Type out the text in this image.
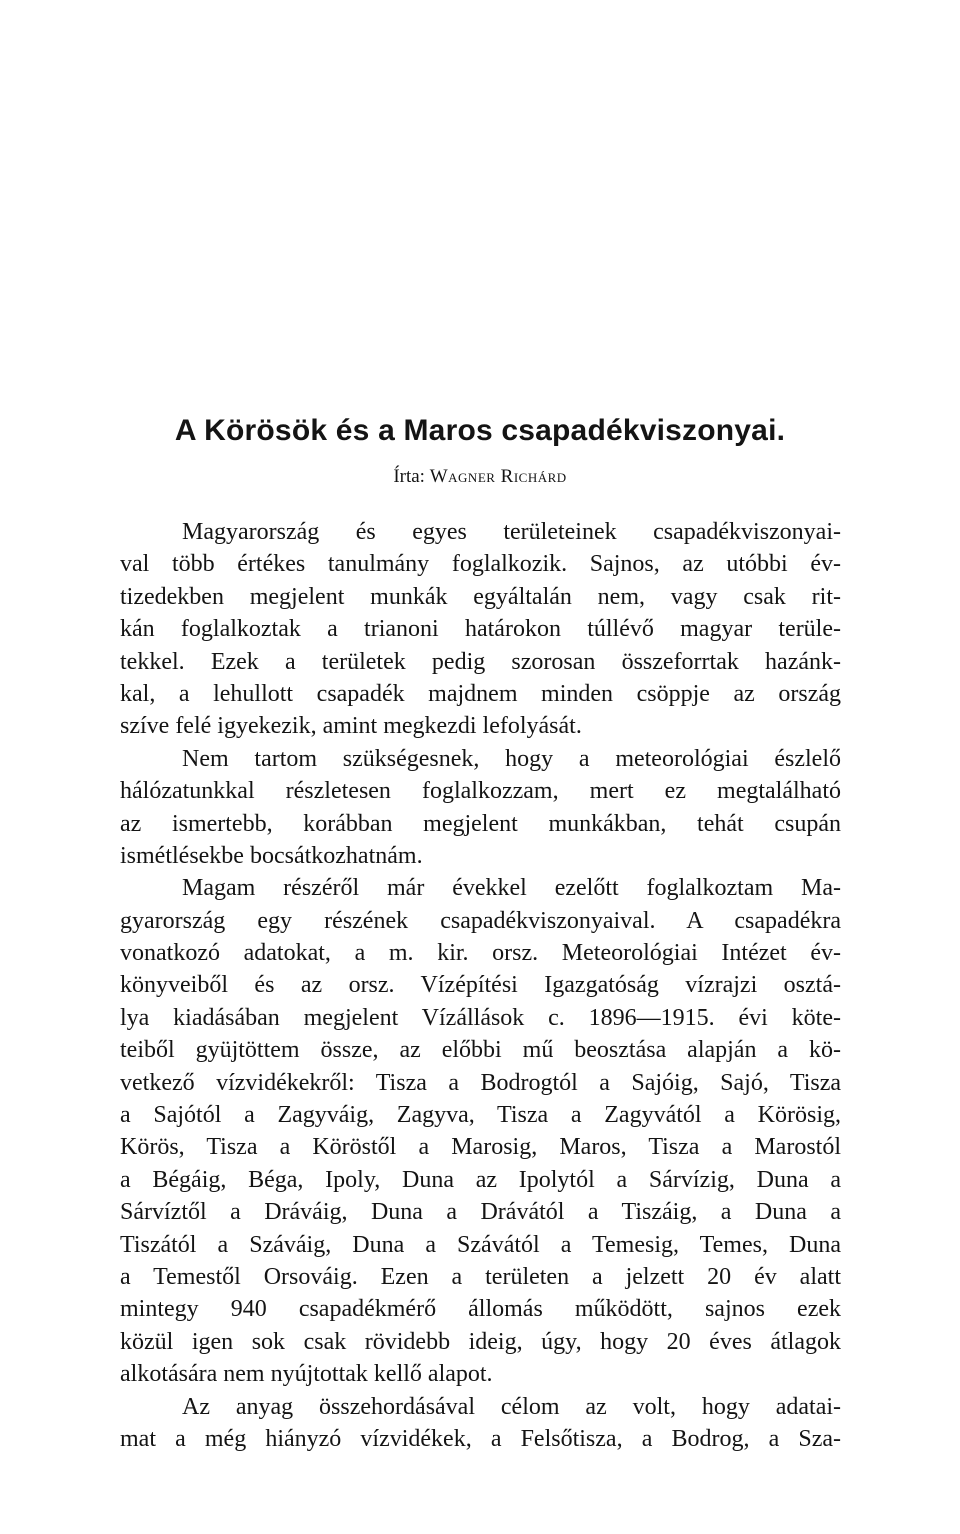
A Körösök és a Maros csapadékviszonyai.

Írta: Wagner Richárd

Magyarország és egyes területeinek csapadékviszonyai-
val több értékes tanulmány foglalkozik. Sajnos, az utóbbi év-
tizedekben megjelent munkák egyáltalán nem, vagy csak rit-
kán foglalkoztak a trianoni határokon túllévő magyar terüle-
tekkel. Ezek a területek pedig szorosan összeforrtak hazánk-
kal, a lehullott csapadék majdnem minden csöppje az ország
szíve felé igyekezik, amint megkezdi lefolyását.
Nem tartom szükségesnek, hogy a meteorológiai észlelő
hálózatunkkal részletesen foglalkozzam, mert ez megtalálható
az ismertebb, korábban megjelent munkákban, tehát csupán
ismétlésekbe bocsátkozhatnám.
Magam részéről már évekkel ezelőtt foglalkoztam Ma-
gyarország egy részének csapadékviszonyaival. A csapadékra
vonatkozó adatokat, a m. kir. orsz. Meteorológiai Intézet év-
könyveiből és az orsz. Vízépítési Igazgatóság vízrajzi osztá-
lya kiadásában megjelent Vízállások c. 1896—1915. évi köte-
teiből gyüjtöttem össze, az előbbi mű beosztása alapján a kö-
vetkező vízvidékekről: Tisza a Bodrogtól a Sajóig, Sajó, Tisza
a Sajótól a Zagyváig, Zagyva, Tisza a Zagyvától a Körösig,
Körös, Tisza a Köröstől a Marosig, Maros, Tisza a Marostól
a Bégáig, Béga, Ipoly, Duna az Ipolytól a Sárvízig, Duna a
Sárvíztől a Dráváig, Duna a Drávától a Tiszáig, a Duna a
Tiszától a Száváig, Duna a Szávától a Temesig, Temes, Duna
a Temestől Orsováig. Ezen a területen a jelzett 20 év alatt
mintegy 940 csapadékmérő állomás működött, sajnos ezek
közül igen sok csak rövidebb ideig, úgy, hogy 20 éves átlagok
alkotására nem nyújtottak kellő alapot.
Az anyag összehordásával célom az volt, hogy adatai-
mat a még hiányzó vízvidékek, a Felsőtisza, a Bodrog, a Sza-
